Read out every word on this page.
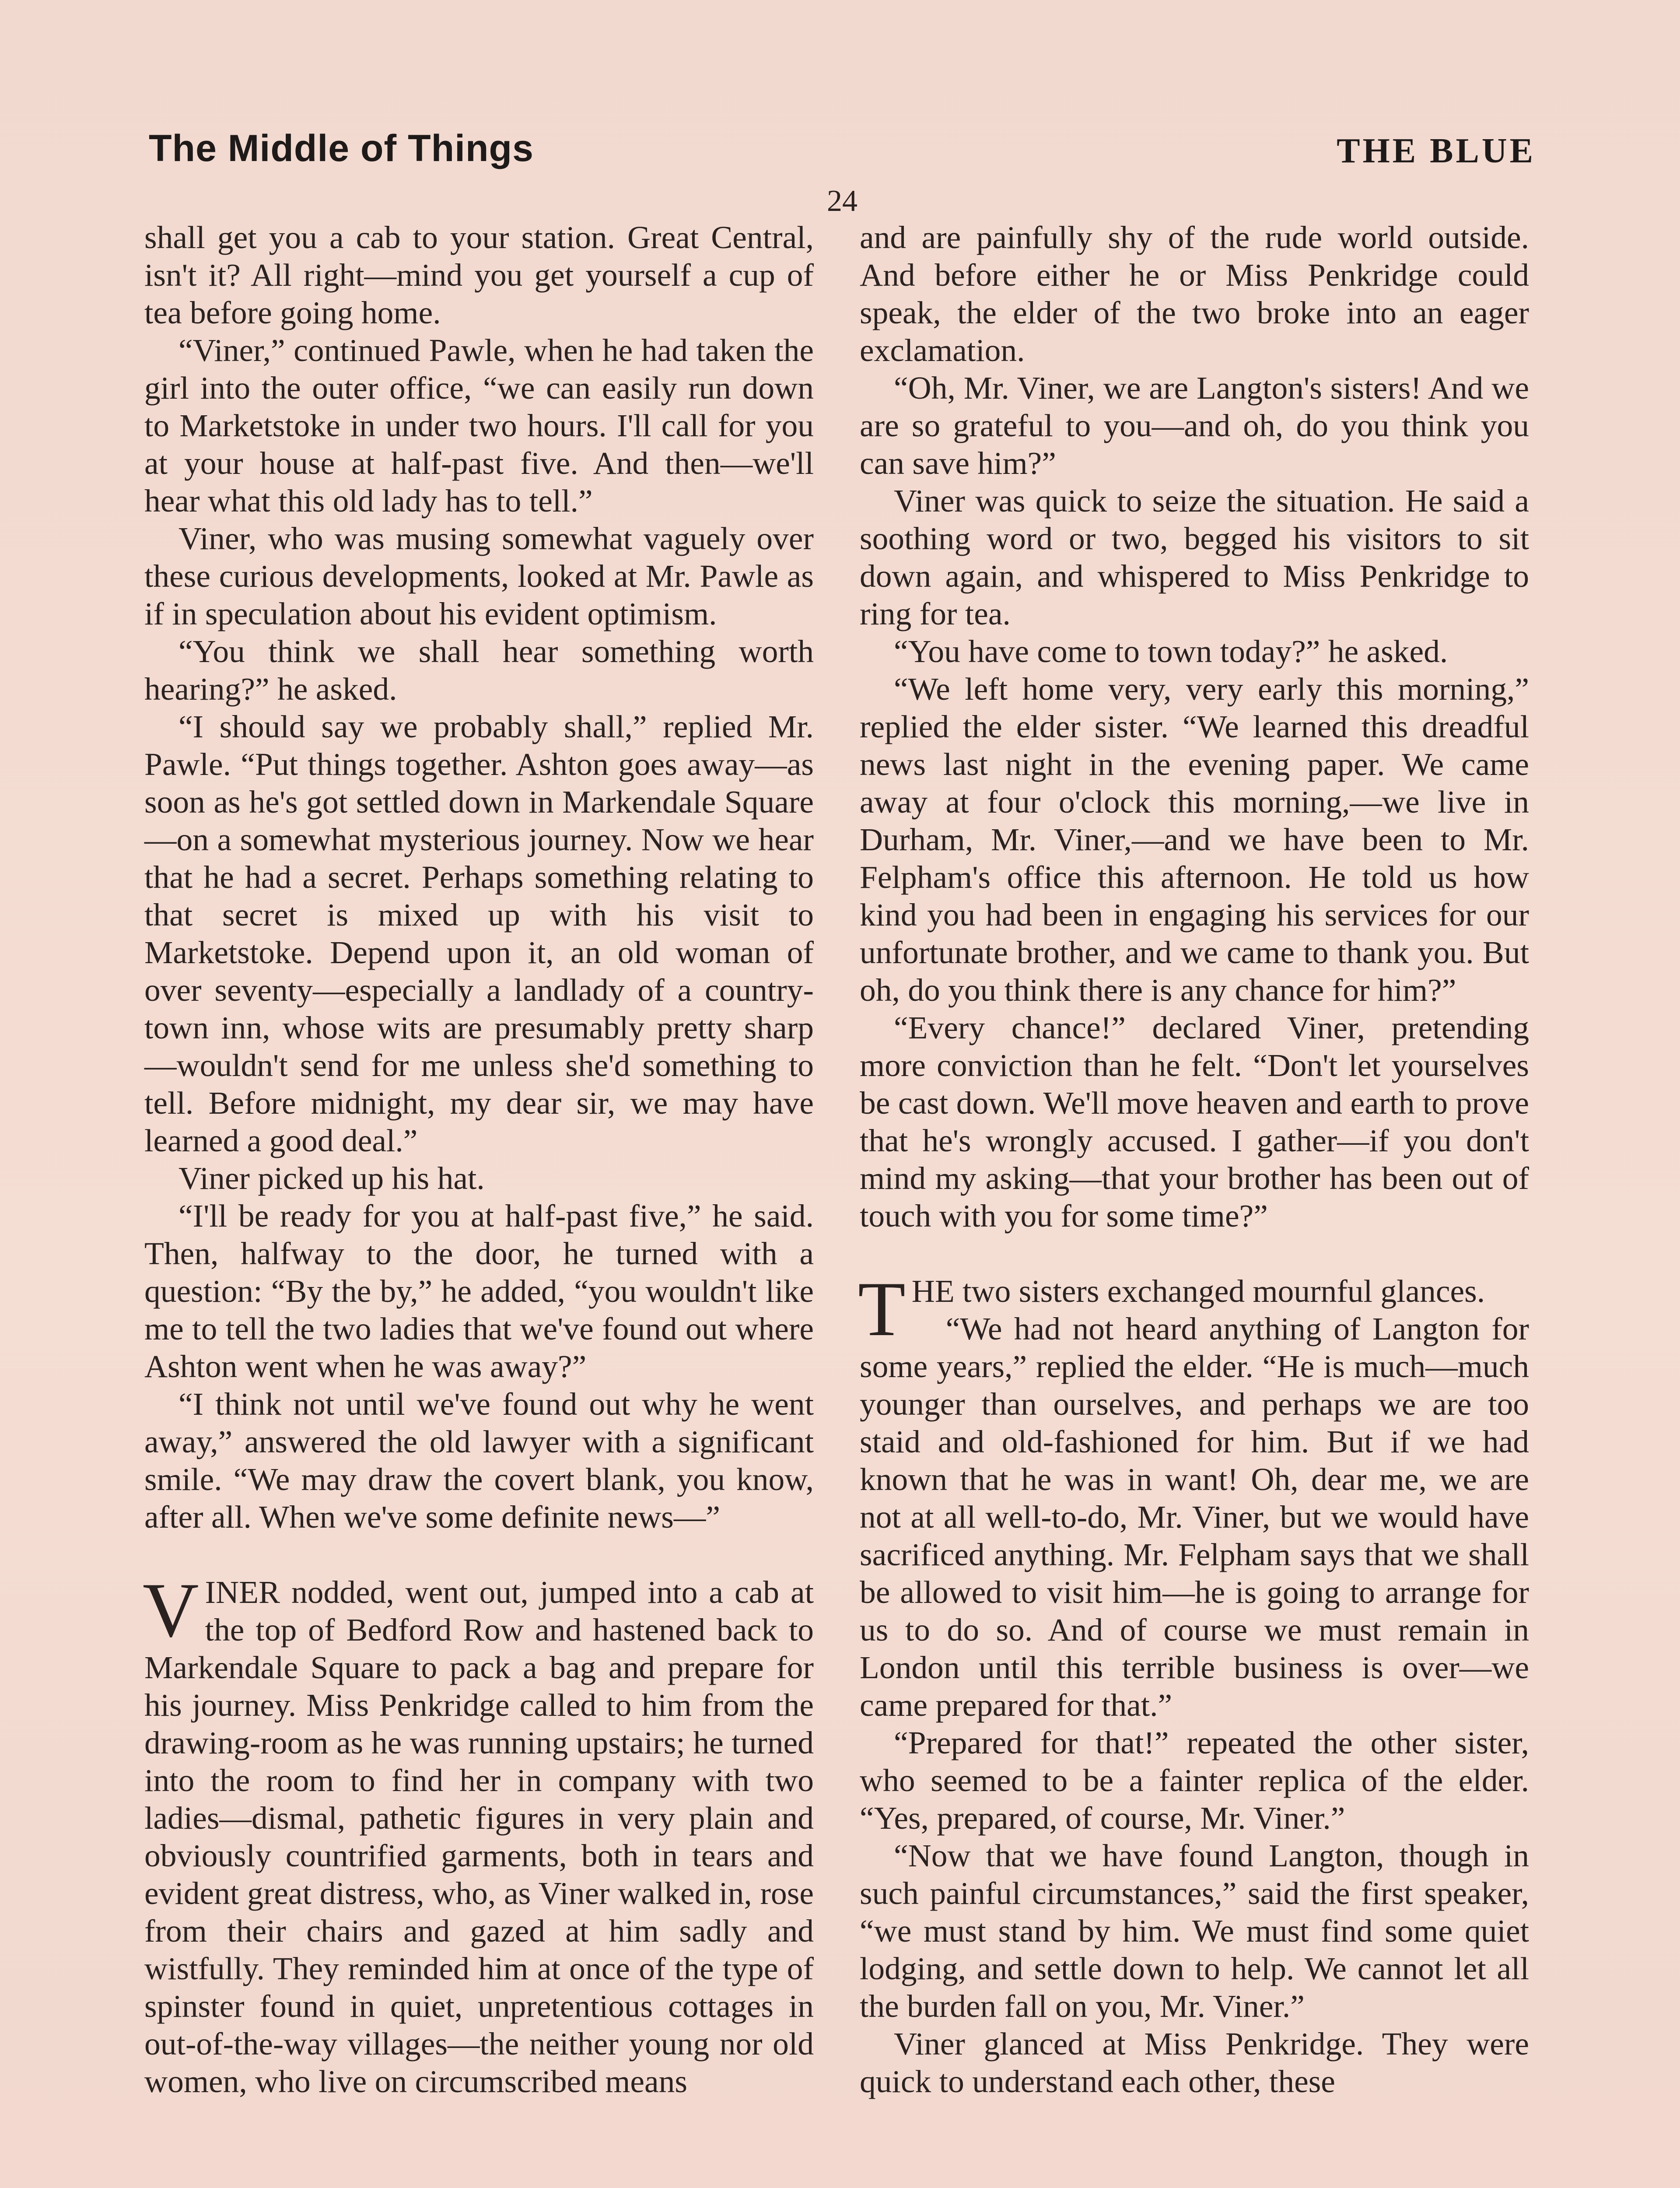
The Middle of Things	THE BLUE
24

shall get you a cab to your station. Great Central, isn't it? All right—mind you get yourself a cup of tea before going home.

“Viner,” continued Pawle, when he had taken the girl into the outer office, “we can easily run down to Marketstoke in under two hours. I'll call for you at your house at half-past five. And then—we'll hear what this old lady has to tell.”

Viner, who was musing somewhat vaguely over these curious developments, looked at Mr. Pawle as if in speculation about his evident optimism.

“You think we shall hear something worth hearing?” he asked.

“I should say we probably shall,” replied Mr. Pawle. “Put things together. Ashton goes away—as soon as he's got settled down in Markendale Square—on a somewhat mysterious journey. Now we hear that he had a secret. Perhaps something relating to that secret is mixed up with his visit to Marketstoke. Depend upon it, an old woman of over seventy—especially a landlady of a country-town inn, whose wits are presumably pretty sharp—wouldn't send for me unless she'd something to tell. Before midnight, my dear sir, we may have learned a good deal.”

Viner picked up his hat.

“I'll be ready for you at half-past five,” he said. Then, halfway to the door, he turned with a question: “By the by,” he added, “you wouldn't like me to tell the two ladies that we've found out where Ashton went when he was away?”

“I think not until we've found out why he went away,” answered the old lawyer with a significant smile. “We may draw the covert blank, you know, after all. When we've some definite news—”

VINER nodded, went out, jumped into a cab at the top of Bedford Row and hastened back to Markendale Square to pack a bag and prepare for his journey. Miss Penkridge called to him from the drawing-room as he was running upstairs; he turned into the room to find her in company with two ladies—dismal, pathetic figures in very plain and obviously countrified garments, both in tears and evident great distress, who, as Viner walked in, rose from their chairs and gazed at him sadly and wistfully. They reminded him at once of the type of spinster found in quiet, unpretentious cottages in out-of-the-way villages—the neither young nor old women, who live on circumscribed means

and are painfully shy of the rude world outside. And before either he or Miss Penkridge could speak, the elder of the two broke into an eager exclamation.

“Oh, Mr. Viner, we are Langton's sisters! And we are so grateful to you—and oh, do you think you can save him?”

Viner was quick to seize the situation. He said a soothing word or two, begged his visitors to sit down again, and whispered to Miss Penkridge to ring for tea.

“You have come to town today?” he asked.

“We left home very, very early this morning,” replied the elder sister. “We learned this dreadful news last night in the evening paper. We came away at four o'clock this morning,—we live in Durham, Mr. Viner,—and we have been to Mr. Felpham's office this afternoon. He told us how kind you had been in engaging his services for our unfortunate brother, and we came to thank you. But oh, do you think there is any chance for him?”

“Every chance!” declared Viner, pretending more conviction than he felt. “Don't let yourselves be cast down. We'll move heaven and earth to prove that he's wrongly accused. I gather—if you don't mind my asking—that your brother has been out of touch with you for some time?”

THE two sisters exchanged mournful glances.

“We had not heard anything of Langton for some years,” replied the elder. “He is much—much younger than ourselves, and perhaps we are too staid and old-fashioned for him. But if we had known that he was in want! Oh, dear me, we are not at all well-to-do, Mr. Viner, but we would have sacrificed anything. Mr. Felpham says that we shall be allowed to visit him—he is going to arrange for us to do so. And of course we must remain in London until this terrible business is over—we came prepared for that.”

“Prepared for that!” repeated the other sister, who seemed to be a fainter replica of the elder. “Yes, prepared, of course, Mr. Viner.”

“Now that we have found Langton, though in such painful circumstances,” said the first speaker, “we must stand by him. We must find some quiet lodging, and settle down to help. We cannot let all the burden fall on you, Mr. Viner.”

Viner glanced at Miss Penkridge. They were quick to understand each other, these
